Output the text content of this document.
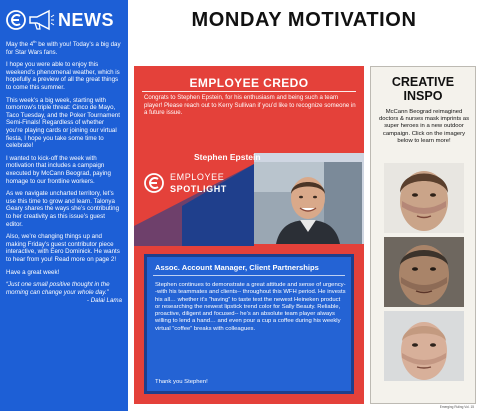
NEWS

May the 4th be with you! Today’s a big day for Star Wars fans.

I hope you were able to enjoy this weekend’s phenomenal weather, which is hopefully a preview of all the great things to come this summer.

This week’s a big week, starting with tomorrow’s triple threat: Cinco de Mayo, Taco Tuesday, and the Poker Tournament Semi-Finals! Regardless of whether you’re playing cards or joining our virtual fiesta, I hope you take some time to celebrate!

I wanted to kick-off the week with motivation that includes a campaign executed by McCann Beograd, paying homage to our frontline workers.

As we navigate uncharted territory, let’s use this time to grow and learn. Talonya Geary shares the ways she’s contributing to her creativity as this issue’s guest editor.

Also, we’re changing things up and making Friday’s guest contributor piece interactive, with Eero Dominick. He wants to hear from you! Read more on page 2!

Have a great week!

“Just one small positive thought in the morning can change your whole day.”

- Dalai Lama
MONDAY MOTIVATION
EMPLOYEE CREDO
Congrats to Stephen Epstein, for his enthusiasm and being such a team player! Please reach out to Kerry Sullivan if you’d like to recognize someone in a future issue.
Stephen Epstein
EMPLOYEE
SPOTLIGHT
Assoc. Account Manager, Client Partnerships
Stephen continues to demonstrate a great attitude and sense of urgency--with his teammates and clients-- throughout this WFH period. He invests his all… whether it’s “having” to taste test the newest Heineken product or researching the newest lipstick trend color for Sally Beauty. Reliable, proactive, diligent and focused-- he’s an absolute team player always willing to lend a hand… and even pour a cup a coffee during his weekly virtual “coffee” breaks with colleagues.
Thank you Stephen!
CREATIVE
INSPO
McCann Beograd reimagined doctors & nurses mask imprints as super heroes in a new outdoor campaign. Click on the imagery below to learn more!
Emerging Ruling Vol. 15
